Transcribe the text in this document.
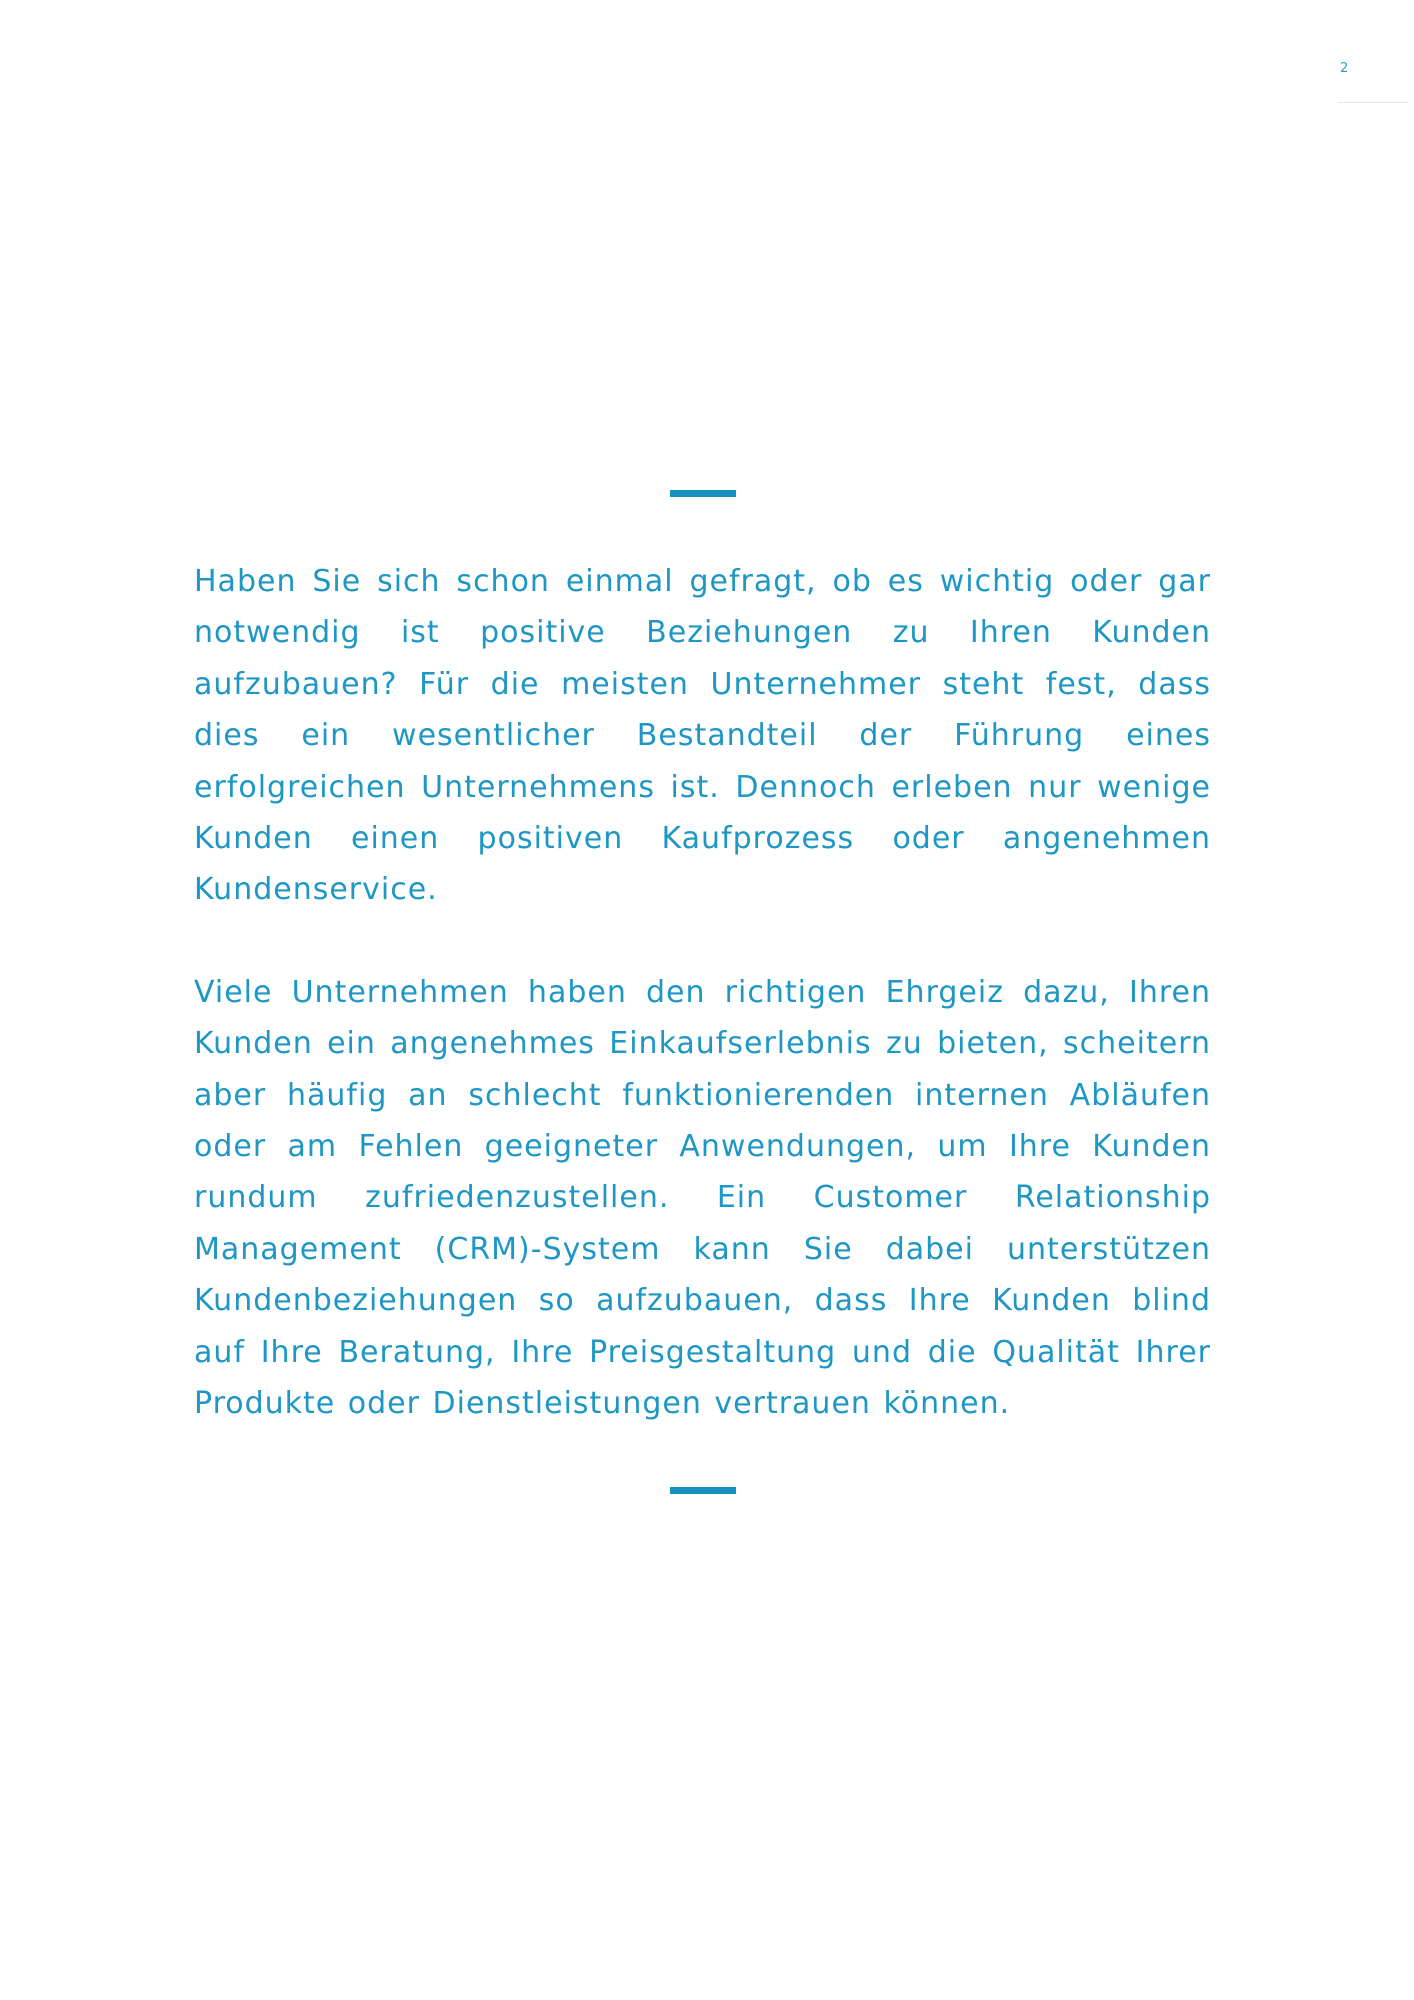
2

Haben Sie sich schon einmal gefragt, ob es wichtig oder gar notwendig ist positive Beziehungen zu Ihren Kunden aufzubauen? Für die meisten Unternehmer steht fest, dass dies ein wesentlicher Bestandteil der Führung eines erfolgreichen Unternehmens ist. Dennoch erleben nur wenige Kunden einen positiven Kaufprozess oder angenehmen Kundenservice.

Viele Unternehmen haben den richtigen Ehrgeiz dazu, Ihren Kunden ein angenehmes Einkaufserlebnis zu bieten, scheitern aber häufig an schlecht funktionierenden internen Abläufen oder am Fehlen geeigneter Anwendungen, um Ihre Kunden rundum zufriedenzustellen. Ein Customer Relationship Management (CRM)-System kann Sie dabei unterstützen Kundenbeziehungen so aufzubauen, dass Ihre Kunden blind auf Ihre Beratung, Ihre Preisgestaltung und die Qualität Ihrer Produkte oder Dienstleistungen vertrauen können.
